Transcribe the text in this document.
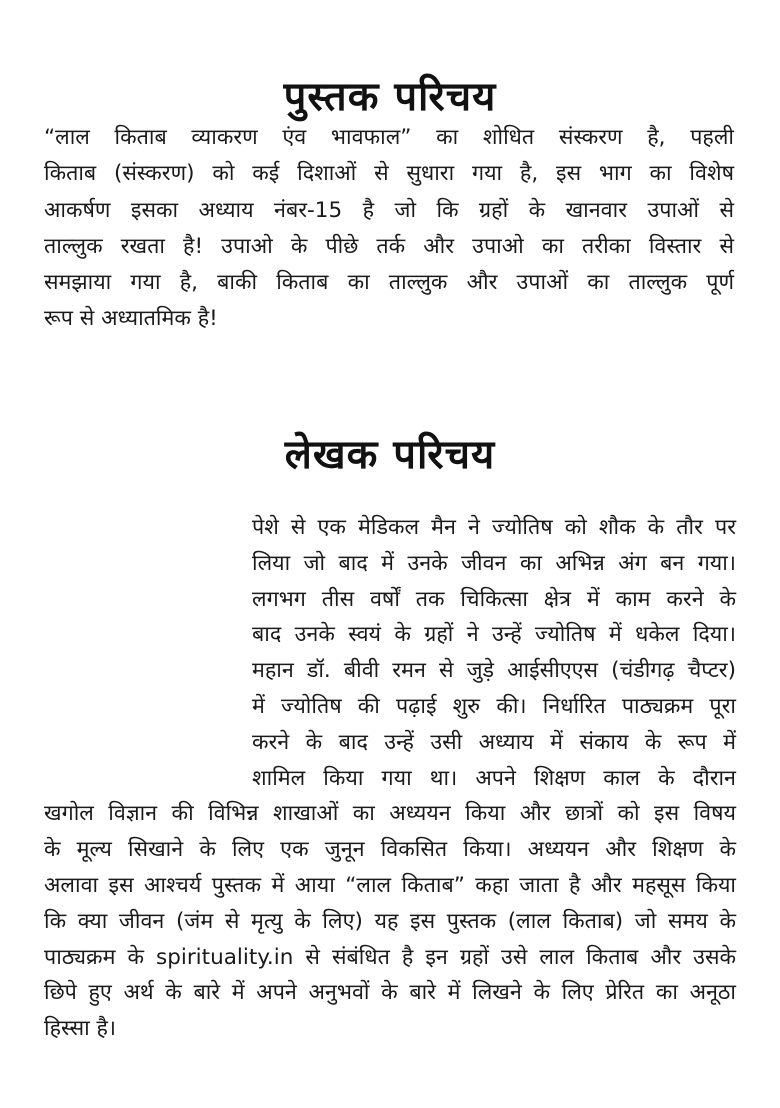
पुस्तक परिचय
“लाल किताब व्याकरण एंव भावफाल” का शोधित संस्करण है, पहली
किताब (संस्करण) को कई दिशाओं से सुधारा गया है, इस भाग का विशेष
आकर्षण इसका अध्याय नंबर-15 है जो कि ग्रहों के खानवार उपाओं से
ताल्लुक रखता है! उपाओ के पीछे तर्क और उपाओ का तरीका विस्तार से
समझाया गया है, बाकी किताब का ताल्लुक और उपाओं का ताल्लुक पूर्ण
रूप से अध्यातमिक है!
लेखक परिचय
पेशे से एक मेडिकल मैन ने ज्योतिष को शौक के तौर पर
लिया जो बाद में उनके जीवन का अभिन्न अंग बन गया।
लगभग तीस वर्षों तक चिकित्सा क्षेत्र में काम करने के
बाद उनके स्वयं के ग्रहों ने उन्हें ज्योतिष में धकेल दिया।
महान डॉ. बीवी रमन से जुड़े आईसीएएस (चंडीगढ़ चैप्टर)
में ज्योतिष की पढ़ाई शुरु की। निर्धारित पाठ्यक्रम पूरा
करने के बाद उन्हें उसी अध्याय में संकाय के रूप में
शामिल किया गया था। अपने शिक्षण काल के दौरान
खगोल विज्ञान की विभिन्न शाखाओं का अध्ययन किया और छात्रों को इस विषय
के मूल्य सिखाने के लिए एक जुनून विकसित किया। अध्ययन और शिक्षण के
अलावा इस आश्चर्य पुस्तक में आया “लाल किताब” कहा जाता है और महसूस किया
कि क्या जीवन (जंम से मृत्यु के लिए) यह इस पुस्तक (लाल किताब) जो समय के
पाठ्यक्रम के spirituality.in से संबंधित है इन ग्रहों उसे लाल किताब और उसके
छिपे हुए अर्थ के बारे में अपने अनुभवों के बारे में लिखने के लिए प्रेरित का अनूठा
हिस्सा है।
